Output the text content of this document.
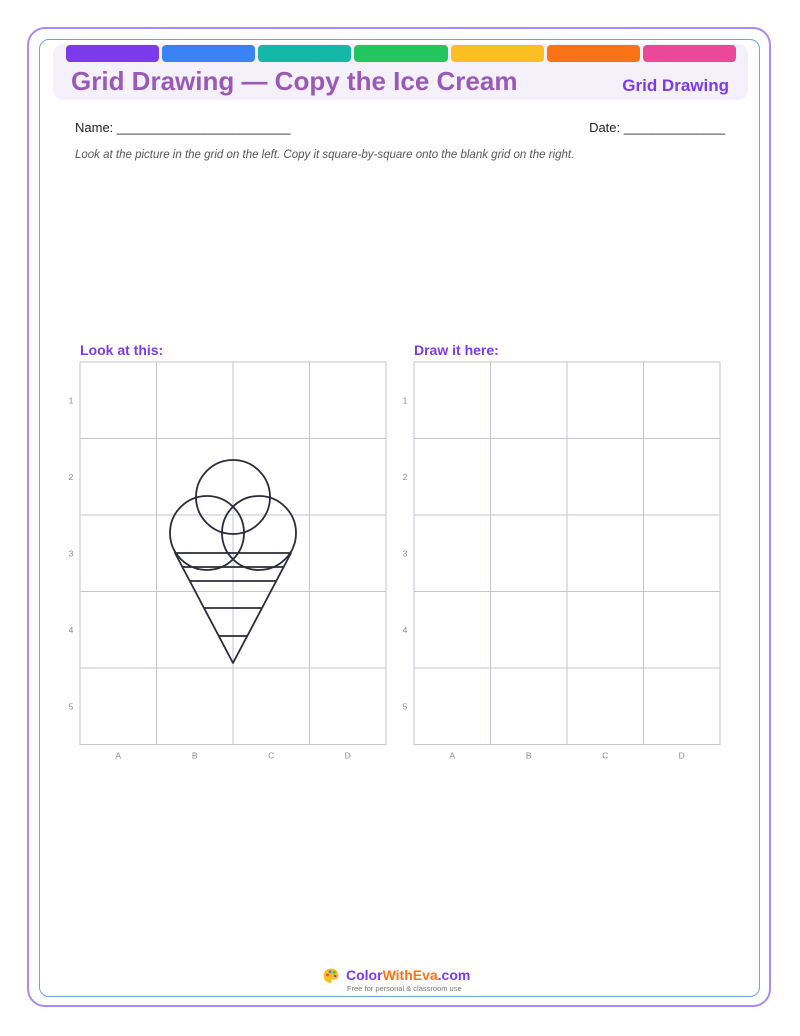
Grid Drawing — Copy the Ice Cream	Grid Drawing
Name: ________________________	Date: ______________
Look at the picture in the grid on the left. Copy it square-by-square onto the blank grid on the right.
Look at this:	Draw it here:
1
2
3
4
5
A	B	C	D
1
2
3
4
5
A	B	C	D
ColorWithEva.com
Free for personal & classroom use
